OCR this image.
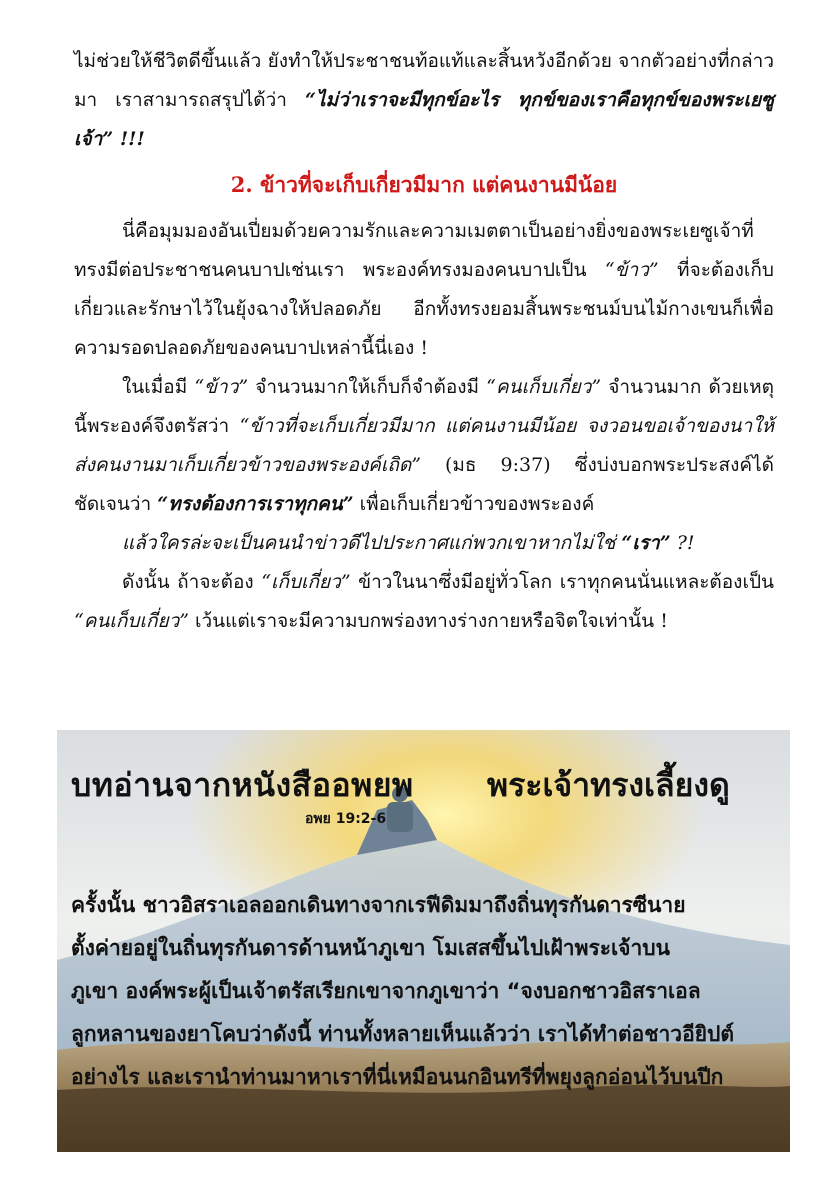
ไม่ช่วยให้ชีวิตดีขึ้นแล้ว ยังทำให้ประชาชนท้อแท้และสิ้นหวังอีกด้วย จากตัวอย่างที่กล่าวมา เราสามารถสรุปได้ว่า “ไม่ว่าเราจะมีทุกข์อะไร ทุกข์ของเราคือทุกข์ของพระเยซูเจ้า” !!!

2. ข้าวที่จะเก็บเกี่ยวมีมาก แต่คนงานมีน้อย

นี่คือมุมมองอันเปี่ยมด้วยความรักและความเมตตาเป็นอย่างยิ่งของพระเยซูเจ้าที่ทรงมีต่อประชาชนคนบาปเช่นเรา พระองค์ทรงมองคนบาปเป็น “ข้าว” ที่จะต้องเก็บเกี่ยวและรักษาไว้ในยุ้งฉางให้ปลอดภัย อีกทั้งทรงยอมสิ้นพระชนม์บนไม้กางเขนก็เพื่อความรอดปลอดภัยของคนบาปเหล่านี้นี่เอง !

ในเมื่อมี “ข้าว” จำนวนมากให้เก็บก็จำต้องมี “คนเก็บเกี่ยว” จำนวนมาก ด้วยเหตุนี้พระองค์จึงตรัสว่า “ข้าวที่จะเก็บเกี่ยวมีมาก แต่คนงานมีน้อย จงวอนขอเจ้าของนาให้ส่งคนงานมาเก็บเกี่ยวข้าวของพระองค์เถิด” (มธ 9:37) ซึ่งบ่งบอกพระประสงค์ได้ชัดเจนว่า “ทรงต้องการเราทุกคน” เพื่อเก็บเกี่ยวข้าวของพระองค์

แล้วใครล่ะจะเป็นคนนำข่าวดีไปประกาศแก่พวกเขาหากไม่ใช่ “เรา” ?!

ดังนั้น ถ้าจะต้อง “เก็บเกี่ยว” ข้าวในนาซึ่งมีอยู่ทั่วโลก เราทุกคนนั่นแหละต้องเป็น “คนเก็บเกี่ยว” เว้นแต่เราจะมีความบกพร่องทางร่างกายหรือจิตใจเท่านั้น !

บทอ่านจากหนังสืออพยพ พระเจ้าทรงเลี้ยงดู
อพย 19:2-6

ครั้งนั้น ชาวอิสราเอลออกเดินทางจากเรฟีดิมมาถึงถิ่นทุรกันดารซีนาย

ตั้งค่ายอยู่ในถิ่นทุรกันดารด้านหน้าภูเขา โมเสสขึ้นไปเฝ้าพระเจ้าบน

ภูเขา องค์พระผู้เป็นเจ้าตรัสเรียกเขาจากภูเขาว่า “จงบอกชาวอิสราเอล

ลูกหลานของยาโคบว่าดังนี้ ท่านทั้งหลายเห็นแล้วว่า เราได้ทำต่อชาวอียิปต์

อย่างไร และเรานำท่านมาหาเราที่นี่เหมือนนกอินทรีที่พยุงลูกอ่อนไว้บนปีก
